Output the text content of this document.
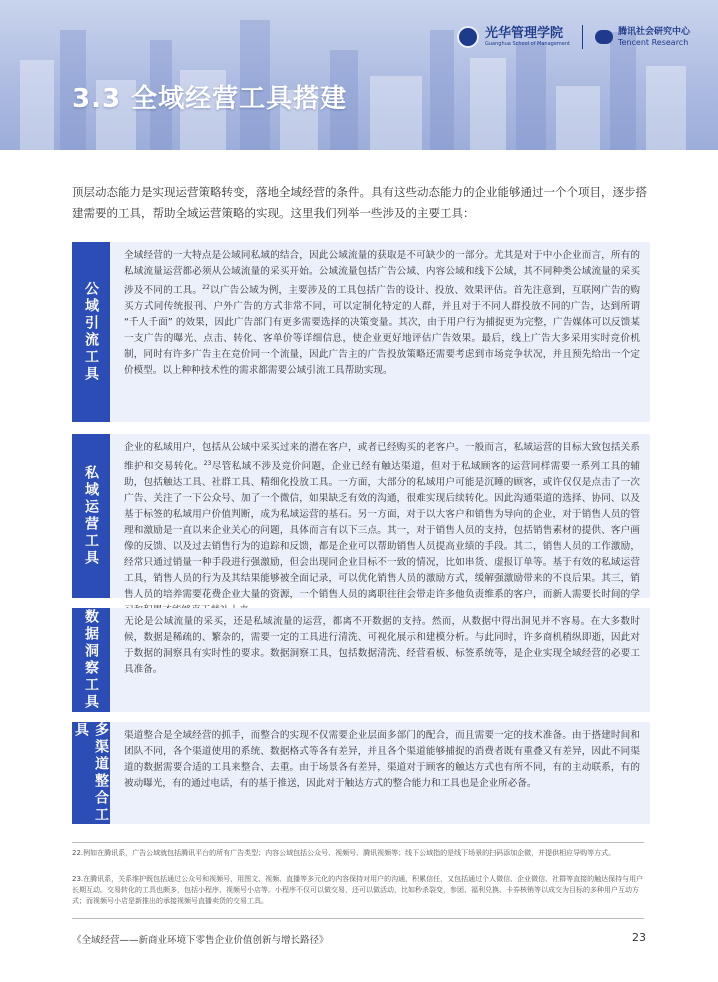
光华管理学院
Guanghua School of Management
腾讯社会研究中心
Tencent Research
3.3 全域经营工具搭建

顶层动态能力是实现运营策略转变，落地全域经营的条件。具有这些动态能力的企业能够通过一个个项目，逐步搭建需要的工具，帮助全域运营策略的实现。这里我们列举一些涉及的主要工具：

公域引流工具
全域经营的一大特点是公域同私域的结合，因此公域流量的获取是不可缺少的一部分。尤其是对于中小企业而言，所有的私域流量运营都必须从公域流量的采买开始。公域流量包括广告公域、内容公域和线下公域，其不同种类公域流量的采买涉及不同的工具。$^{22}$以广告公域为例，主要涉及的工具包括广告的设计、投放、效果评估。首先注意到，互联网广告的购买方式同传统报刊、户外广告的方式非常不同，可以定制化特定的人群，并且对于不同人群投放不同的广告，达到所谓 “千人千面” 的效果，因此广告部门有更多需要选择的决策变量。其次，由于用户行为捕捉更为完整，广告媒体可以反馈某一支广告的曝光、点击、转化、客单价等详细信息，使企业更好地评估广告效果。最后，线上广告大多采用实时竞价机制，同时有许多广告主在竞价同一个流量，因此广告主的广告投放策略还需要考虑到市场竞争状况，并且预先给出一个定价模型。以上种种技术性的需求都需要公域引流工具帮助实现。
私域运营工具
企业的私域用户，包括从公域中采买过来的潜在客户，或者已经购买的老客户。一般而言，私域运营的目标大致包括关系维护和交易转化。$^{23}$尽管私域不涉及竞价问题，企业已经有触达渠道，但对于私域顾客的运营同样需要一系列工具的辅助，包括触达工具、社群工具、精细化投放工具。一方面，大部分的私域用户可能是沉睡的顾客，或许仅仅是点击了一次广告、关注了一下公众号、加了一个微信，如果缺乏有效的沟通，很难实现后续转化。因此沟通渠道的选择、协同、以及基于标签的私域用户价值判断，成为私域运营的基石。另一方面，对于以大客户和销售为导向的企业，对于销售人员的管理和激励是一直以来企业关心的问题，具体而言有以下三点。其一，对于销售人员的支持，包括销售素材的提供、客户画像的反馈、以及过去销售行为的追踪和反馈，都是企业可以帮助销售人员提高业绩的手段。其二，销售人员的工作激励，经常只通过销量一种手段进行强激励，但会出现同企业目标不一致的情况，比如串货、虚报订单等。基于有效的私域运营工具，销售人员的行为及其结果能够被全面记录，可以优化销售人员的激励方式，缓解强激励带来的不良后果。其三，销售人员的培养需要花费企业大量的资源，一个销售人员的离职往往会带走许多他负责维系的客户，而新人需要长时间的学
数据洞察工具	无论是公域流量的采买，还是私域流量的运营，都离不开数据的支持。然而，从数据中得出洞见并不容易。在大多数时候，数据是稀疏的、繁杂的，需要一定的工具进行清洗、可视化展示和建模分析。与此同时，许多商机稍纵即逝，因此对于数据的洞察具有实时性的要求。数据洞察工具，包括数据清洗、经营看板、标签系统等，是企业实现全域经营的必要工具准备。
多渠道整合工具	渠道整合是全域经营的抓手，而整合的实现不仅需要企业层面多部门的配合，而且需要一定的技术准备。由于搭建时间和团队不同，各个渠道使用的系统、数据格式等各有差异，并且各个渠道能够捕捉的消费者既有重叠又有差异，因此不同渠道的数据需要合适的工具来整合、去重。由于场景各有差异，渠道对于顾客的触达方式也有所不同，有的主动联系，有的被动曝光，有的通过电话，有的基于推送，因此对于触达方式的整合能力和工具也是企业所必备。

22.例如在腾讯系，广告公域就包括腾讯平台的所有广告类型；内容公域包括公众号、视频号、腾讯视频等；线下公域指的是线下场景的扫码添加企微，并提供相应导购等方式。

23.在腾讯系，关系维护既包括通过公众号和视频号，用图文、视频、直播等多元化的内容保持对用户的沟通，积累信任，又包括通过个人微信、企业微信、社群等直接的触达保持与用户长期互动。交易转化的工具也颇多，包括小程序、视频号小店等。小程序不仅可以做交易，还可以做活动，比如秒杀裂变，参团、福利兑换、卡券核销等以成交为目标的多种用户互动方式；而视频号小店是新推出的承接视频号直播卖货的交易工具。

《全域经营——新商业环境下零售企业价值创新与增长路径》	23
